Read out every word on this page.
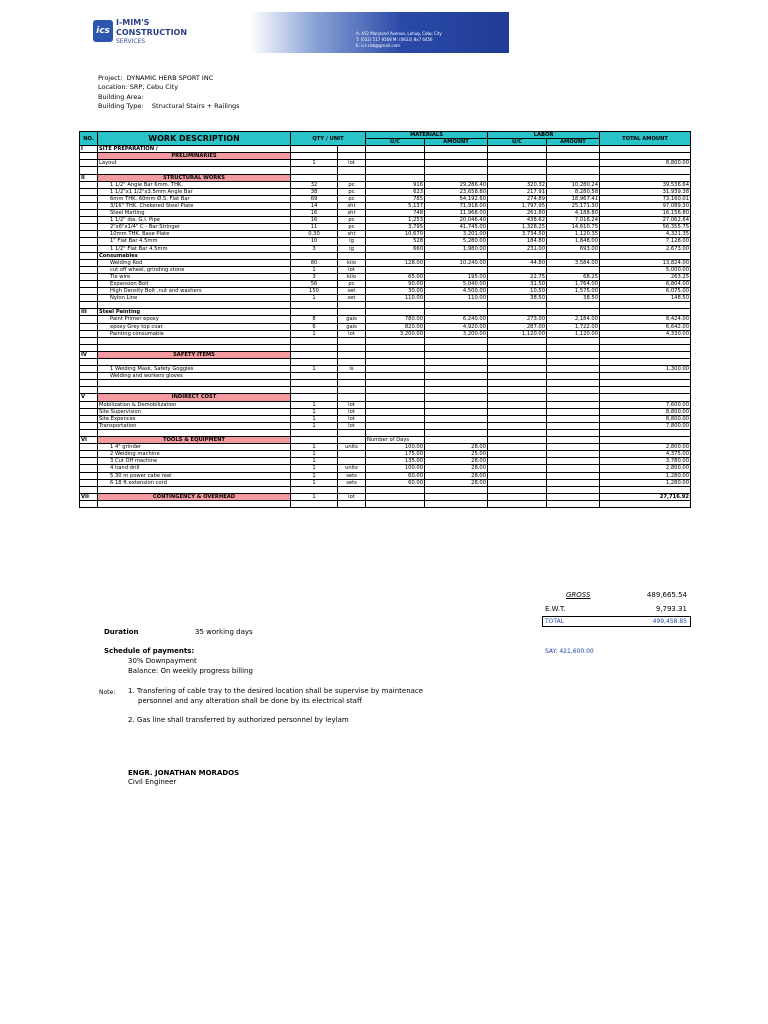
ics
I-MIM'S
CONSTRUCTION
SERVICES
A: 452 Maryland Avenue, Lahug, Cebu City
T: (032) 517 9568 M: (0923) 8x7 6456
E: ics.ceb@gmail.com
Project: DYNAMIC HERB SPORT INC
Location: SRP, Cebu City
Building Area:
Building Type: Structural Stairs + Railings
NO.	WORK DESCRIPTION	QTY / UNIT		MATERIALS		LABOR		TOTAL AMOUNT
				U/C	AMOUNT	U/C	AMOUNT	
I	SITE PREPARATION /							
	PRELIMINARIES							
	Layout	1	lot					8,800.00

II	STRUCTURAL WORKS							
	1 1/2" Angle Bar 6mm. THK.	32	pc	916	29,286.40	320.32	10,280.24	39,536.64
	1 1/2"x1 1/2"x3.5mm Angle Bar	38	pc	623	23,658.80	217.91	8,280.58	31,939.38
	6mm THK. 60mm Ø.S. Flat Bar	69	pc	785	54,192.60	274.89	18,967.41	73,160.01
	3/16" THK. Chekered Steel Plate	14	sht	5,137	71,918.00	1,797.95	25,171.30	97,089.30
	Steel Matting	16	sht	748	11,968.00	261.80	4,188.80	16,156.80
	1 1/2" dia. G.I. Pipe	16	pc	1,253	20,046.40	438.62	7,016.24	27,062.64
	2"x6"x1/4" C - Bar Stringer	11	pc	3,795	41,745.00	1,328.25	14,610.75	56,355.75
	10mm THK. Base Plate	0.30	sht	10,670	3,201.00	3,734.50	1,120.35	4,321.35
	1" Flat Bar 4.5mm	10	lg	528	5,280.00	184.80	1,848.00	7,128.00
	1 1/2" Flat Bar 4.5mm	3	lg	660	1,980.00	231.00	693.00	2,673.00
	Consumables							
	Welding Rod	80	kilo	128.00	10,240.00	44.80	3,584.00	13,824.00
	cut off wheel, grinding stone	1	lot					5,000.00
	Tie wire	3	kilo	65.00	195.00	22.75	68.25	263.25
	Expansion Bolt	56	pc	90.00	5,040.00	31.50	1,764.00	6,804.00
	High Density Bolt ,nut and washers	150	set	30.00	4,500.00	10.50	1,575.00	6,075.00
	Nylon Line	1	set	110.00	110.00	38.50	38.50	148.50

III	Steel Painting							
	Paint Primer epoxy	8	gals	780.00	6,240.00	273.00	2,184.00	8,424.00
	epoxy Grey top coat	6	gals	820.00	4,920.00	287.00	1,722.00	6,642.00
	Painting consumable	1	lot	3,200.00	3,200.00	1,120.00	1,120.00	4,330.00

IV	SAFETY ITEMS							

	1 Welding Mask, Safety Goggles	1	ls					1,300.00
	Welding and workers gloves							

V	INDIRECT COST							
	Mobilization & Demobilization	1	lot					7,600.00
	Site Supervision	1	lot					8,800.00
	Site Expences	1	lot					8,800.00
	Transportation	1	lot					7,800.00

VI	TOOLS & EQUIPMENT			Number of Days				
	1 4" grinder	1	units	100.00	28.00			2,800.00
	2 Welding machine	1		175.00	25.00			4,375.00
	3 Cut Off machine	1		135.00	28.00			3,780.00
	4 hand drill	1	units	100.00	28.00			2,800.00
	5 30 m power cabe reel	1	sets	60.00	28.00			1,280.00
	6 18 ft.extension cord	1	sets	60.00	28.00			1,280.00

VII	CONTINGENCY & OVERHEAD	1	lot					27,716.92

GROSS	489,665.54
E.W.T.	9,793.31
TOTAL	499,458.85
SAY: 421,600.00
Duration	35 working days
Schedule of payments:
30% Downpayment
Balance: On weekly progress billing
Note: 1. Transfering of cable tray to the desired location shall be supervise by maintenace
personnel and any alteration shall be done by its electrical staff
2. Gas line shall transferred by authorized personnel by leylam
ENGR. JONATHAN MORADOS
Civil Engineer
